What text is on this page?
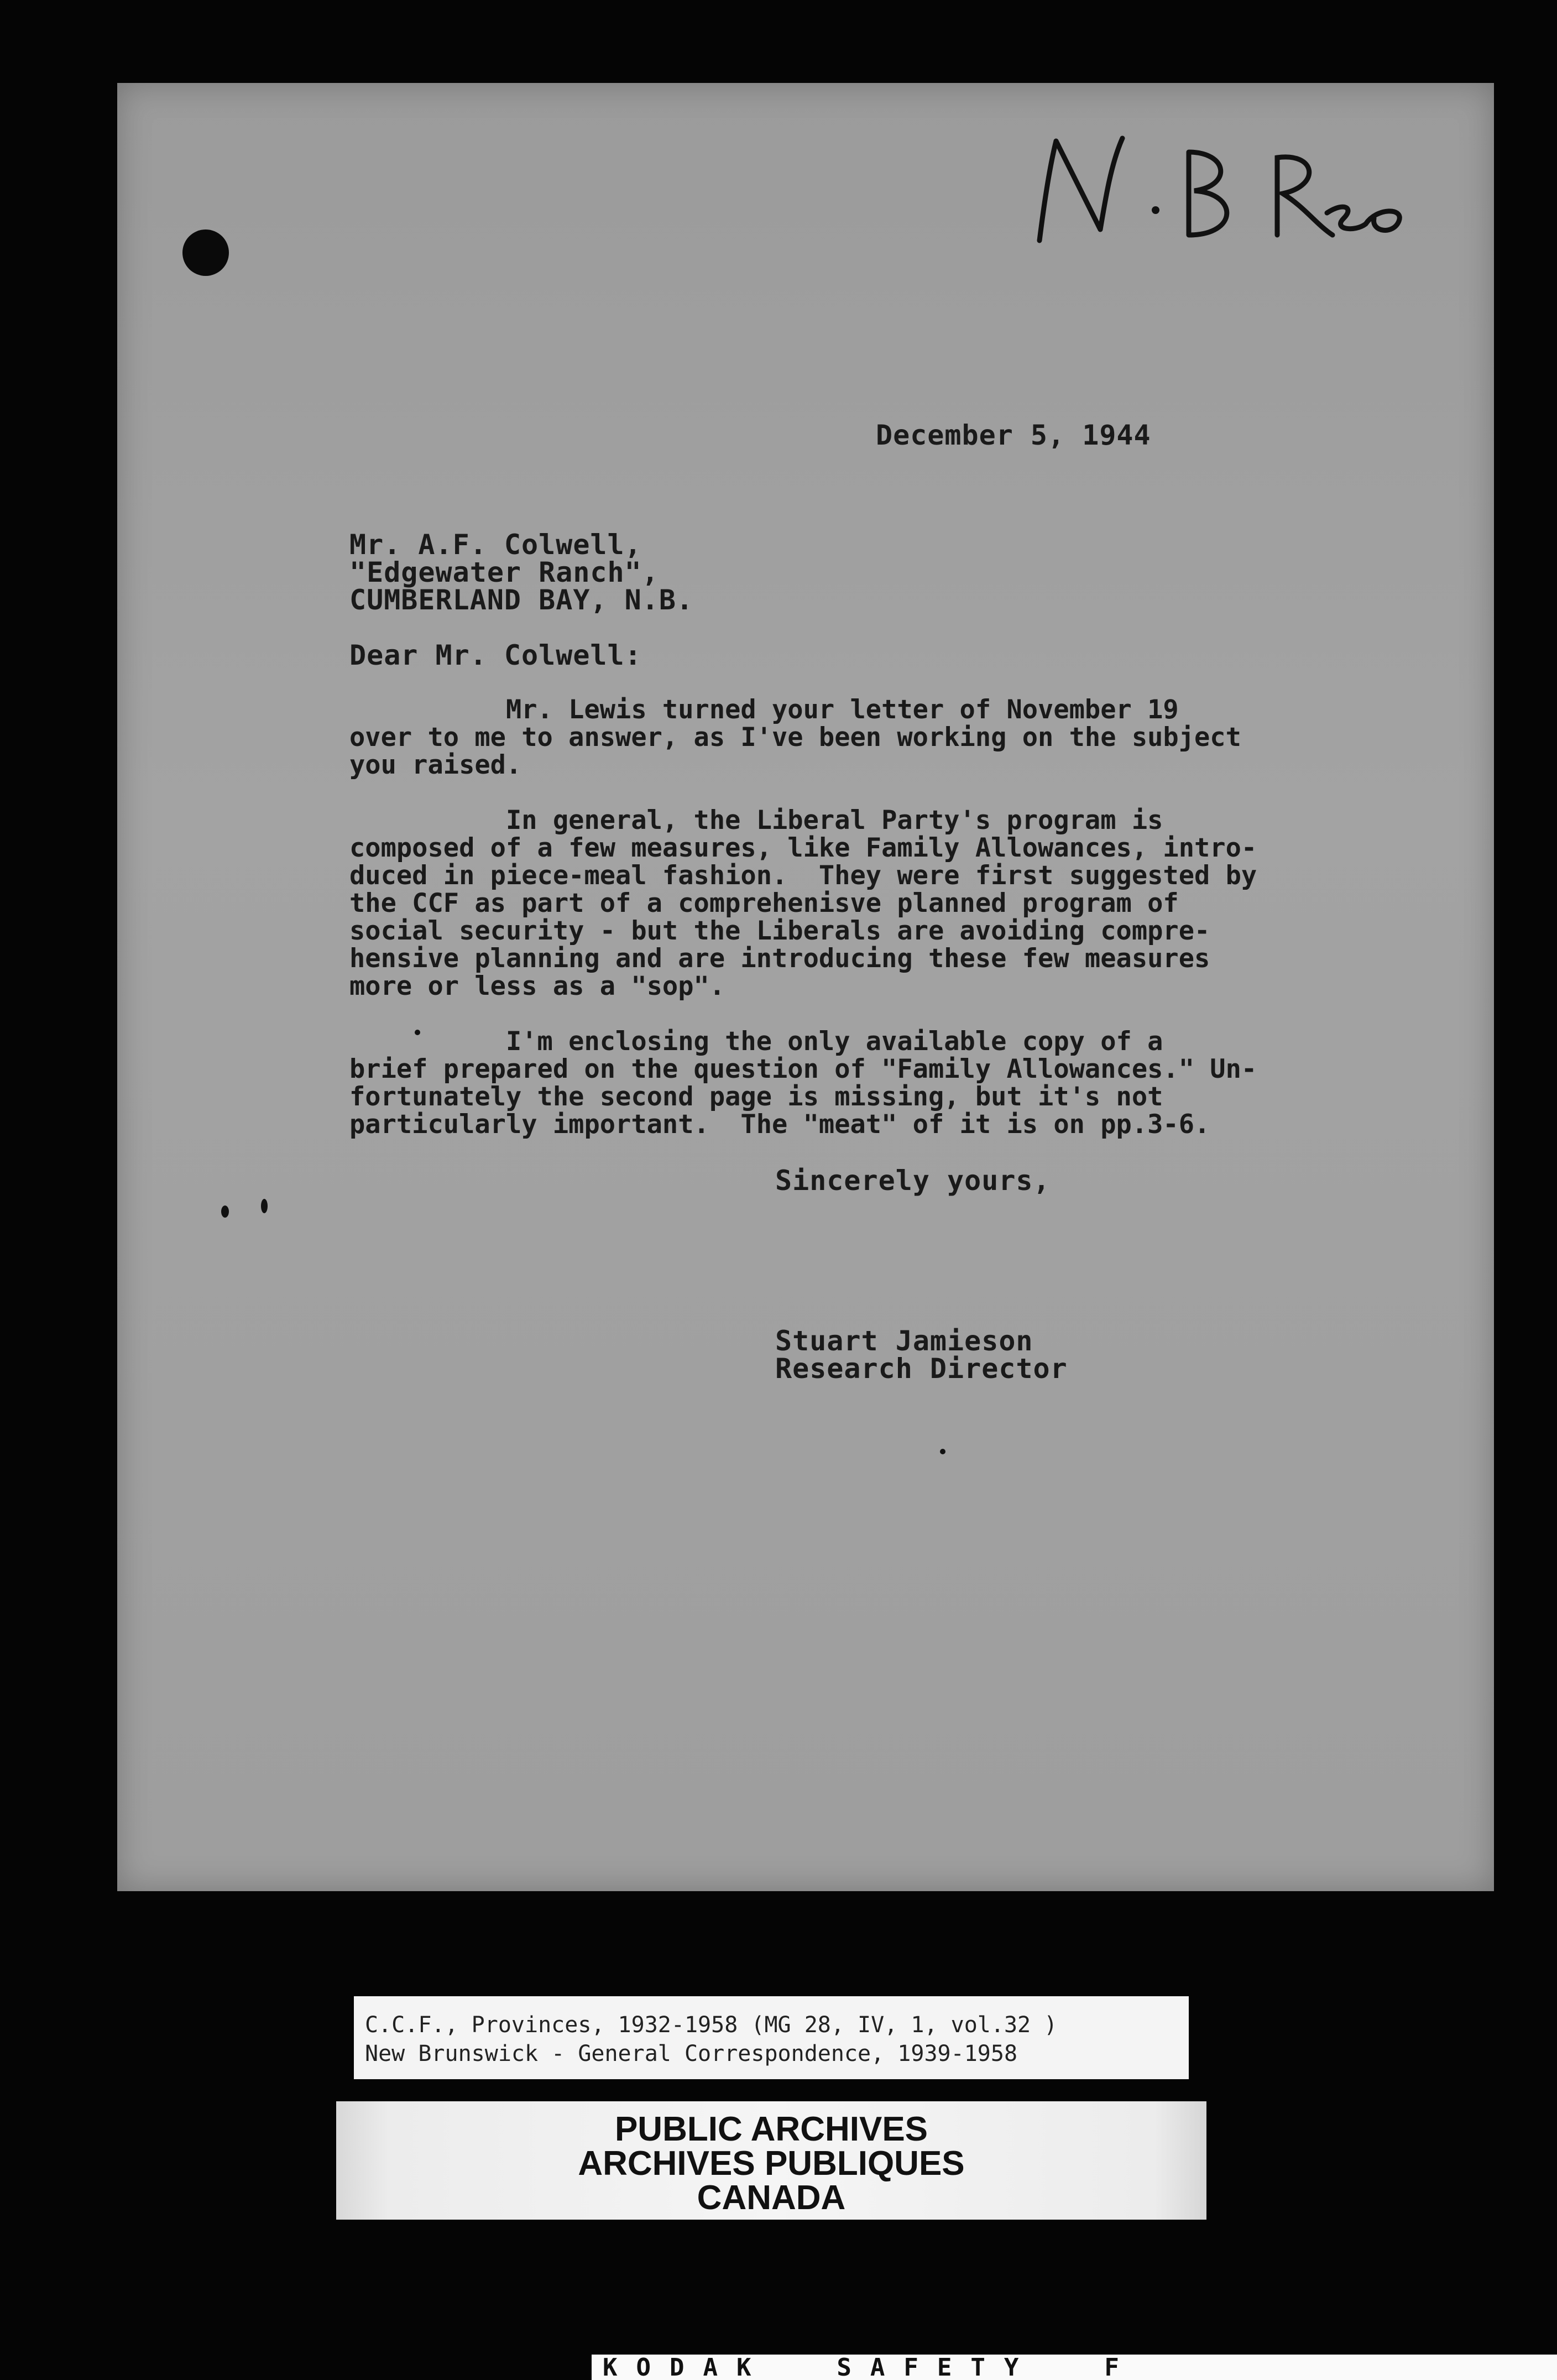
December 5, 1944
Mr. A.F. Colwell,
"Edgewater Ranch",
CUMBERLAND BAY, N.B.
Dear Mr. Colwell:
Mr. Lewis turned your letter of November 19
over to me to answer, as I've been working on the subject
you raised.
In general, the Liberal Party's program is
composed of a few measures, like Family Allowances, intro-
duced in piece-meal fashion.  They were first suggested by
the CCF as part of a comprehenisve planned program of
social security - but the Liberals are avoiding compre-
hensive planning and are introducing these few measures
more or less as a "sop".
I'm enclosing the only available copy of a
brief prepared on the question of "Family Allowances." Un-
fortunately the second page is missing, but it's not
particularly important.  The "meat" of it is on pp.3-6.
Sincerely yours,
Stuart Jamieson
Research Director
C.C.F., Provinces, 1932-1958 (MG 28, IV, 1, vol.32 )
New Brunswick - General Correspondence, 1939-1958
PUBLIC ARCHIVES
ARCHIVES PUBLIQUES
CANADA
KODAK  SAFETY  F
